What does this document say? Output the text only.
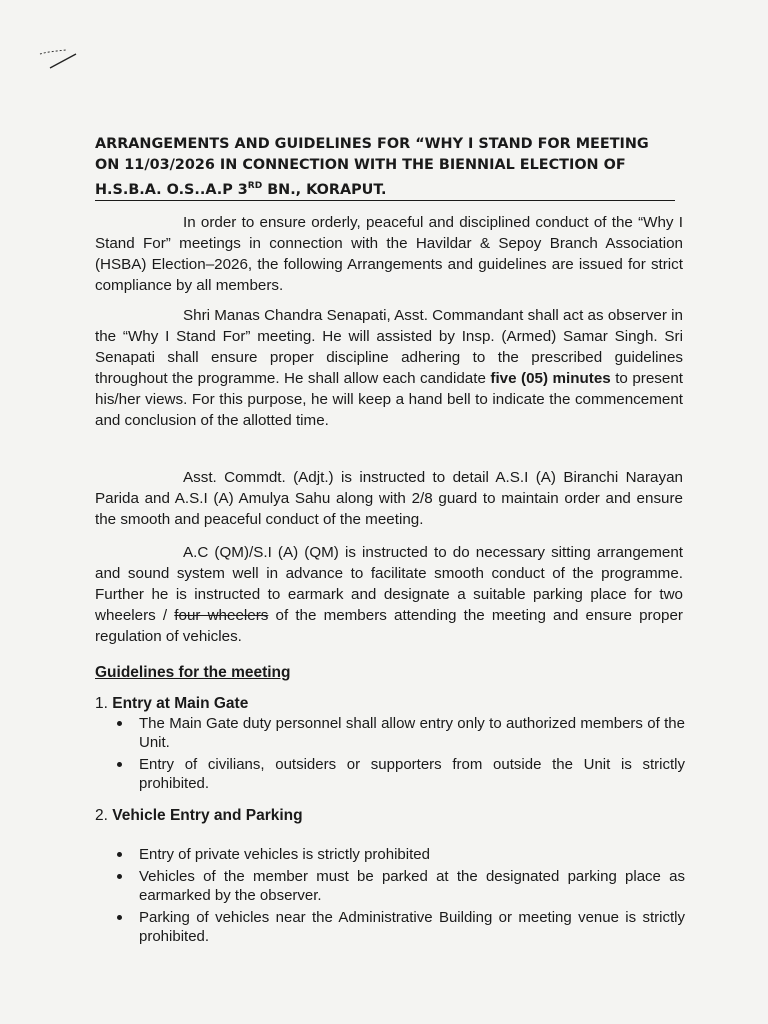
ARRANGEMENTS AND GUIDELINES FOR “WHY I STAND FOR MEETING
ON 11/03/2026 IN CONNECTION WITH THE BIENNIAL ELECTION OF
H.S.B.A. O.S..A.P 3RD BN., KORAPUT.
In order to ensure orderly, peaceful and disciplined conduct of the “Why I Stand For” meetings in connection with the Havildar & Sepoy Branch Association (HSBA) Election–2026, the following Arrangements and guidelines are issued for strict compliance by all members.
Shri Manas Chandra Senapati, Asst. Commandant shall act as observer in the “Why I Stand For” meeting. He will assisted by Insp. (Armed) Samar Singh. Sri Senapati shall ensure proper discipline adhering to the prescribed guidelines throughout the programme. He shall allow each candidate five (05) minutes to present his/her views. For this purpose, he will keep a hand bell to indicate the commencement and conclusion of the allotted time.
Asst. Commdt. (Adjt.) is instructed to detail A.S.I (A) Biranchi Narayan Parida and A.S.I (A) Amulya Sahu along with 2/8 guard to maintain order and ensure the smooth and peaceful conduct of the meeting.
A.C (QM)/S.I (A) (QM) is instructed to do necessary sitting arrangement and sound system well in advance to facilitate smooth conduct of the programme. Further he is instructed to earmark and designate a suitable parking place for two wheelers / four wheelers of the members attending the meeting and ensure proper regulation of vehicles.
Guidelines for the meeting
1. Entry at Main Gate
The Main Gate duty personnel shall allow entry only to authorized members of the Unit.
Entry of civilians, outsiders or supporters from outside the Unit is strictly prohibited.
2. Vehicle Entry and Parking
Entry of private vehicles is strictly prohibited
Vehicles of the member must be parked at the designated parking place as earmarked by the observer.
Parking of vehicles near the Administrative Building or meeting venue is strictly prohibited.
